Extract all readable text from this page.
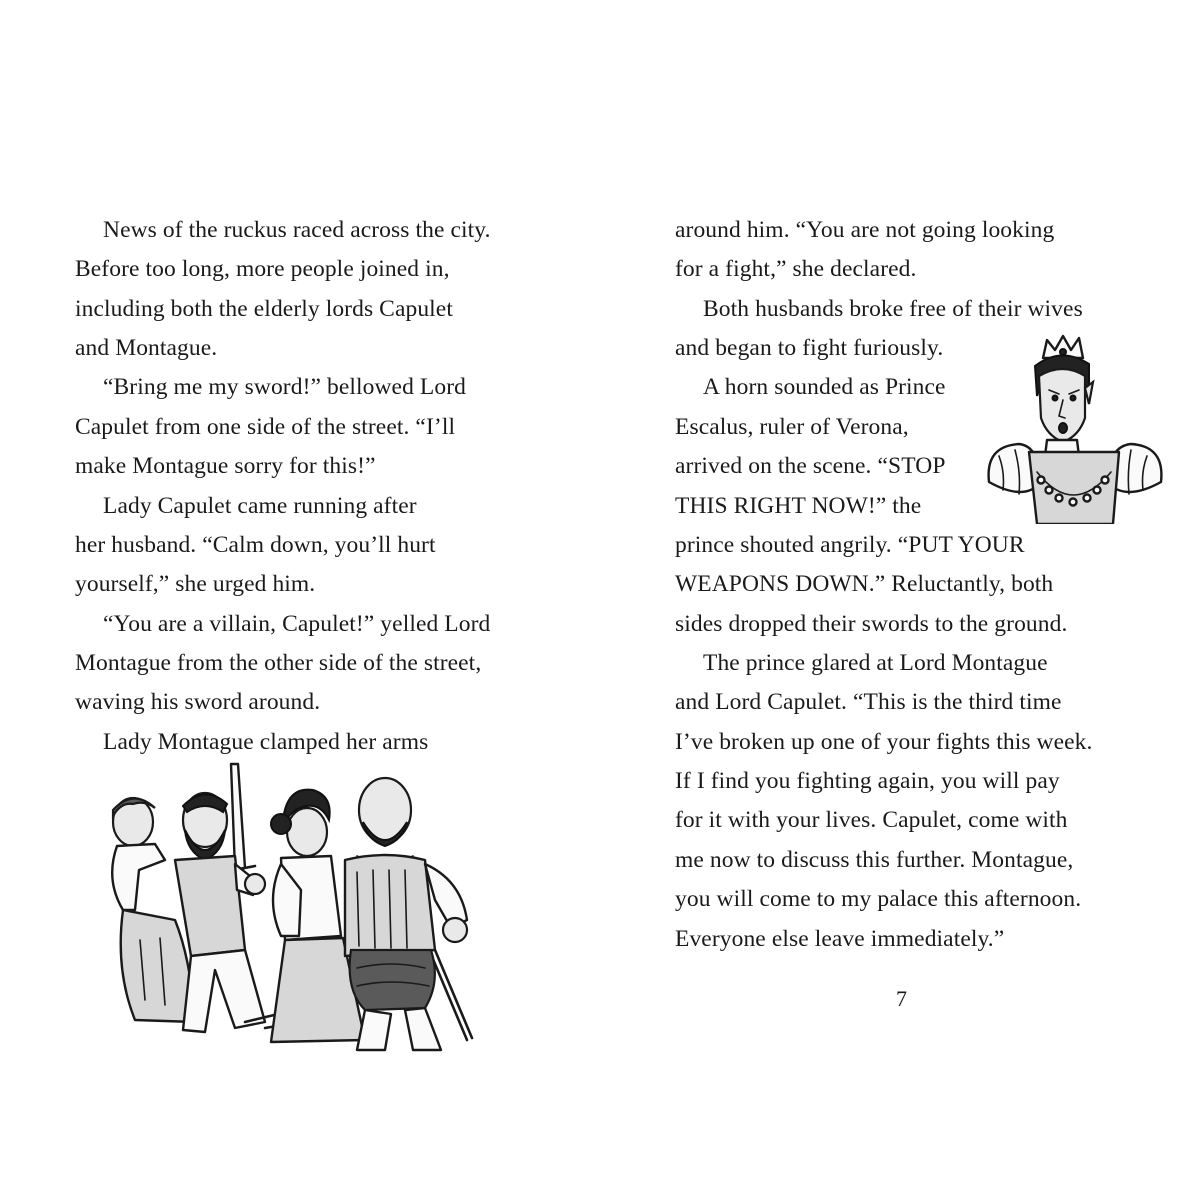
News of the ruckus raced across the city.
Before too long, more people joined in,
including both the elderly lords Capulet
and Montague.
“Bring me my sword!” bellowed Lord
Capulet from one side of the street. “I’ll
make Montague sorry for this!”
Lady Capulet came running after
her husband. “Calm down, you’ll hurt
yourself,” she urged him.
“You are a villain, Capulet!” yelled Lord
Montague from the other side of the street,
waving his sword around.
Lady Montague clamped her arms
around him. “You are not going looking
for a fight,” she declared.
Both husbands broke free of their wives
and began to fight furiously.
A horn sounded as Prince
Escalus, ruler of Verona,
arrived on the scene. “STOP
THIS RIGHT NOW!” the
prince shouted angrily. “PUT YOUR
WEAPONS DOWN.” Reluctantly, both
sides dropped their swords to the ground.
The prince glared at Lord Montague
and Lord Capulet. “This is the third time
I’ve broken up one of your fights this week.
If I find you fighting again, you will pay
for it with your lives. Capulet, come with
me now to discuss this further. Montague,
you will come to my palace this afternoon.
Everyone else leave immediately.”
7
